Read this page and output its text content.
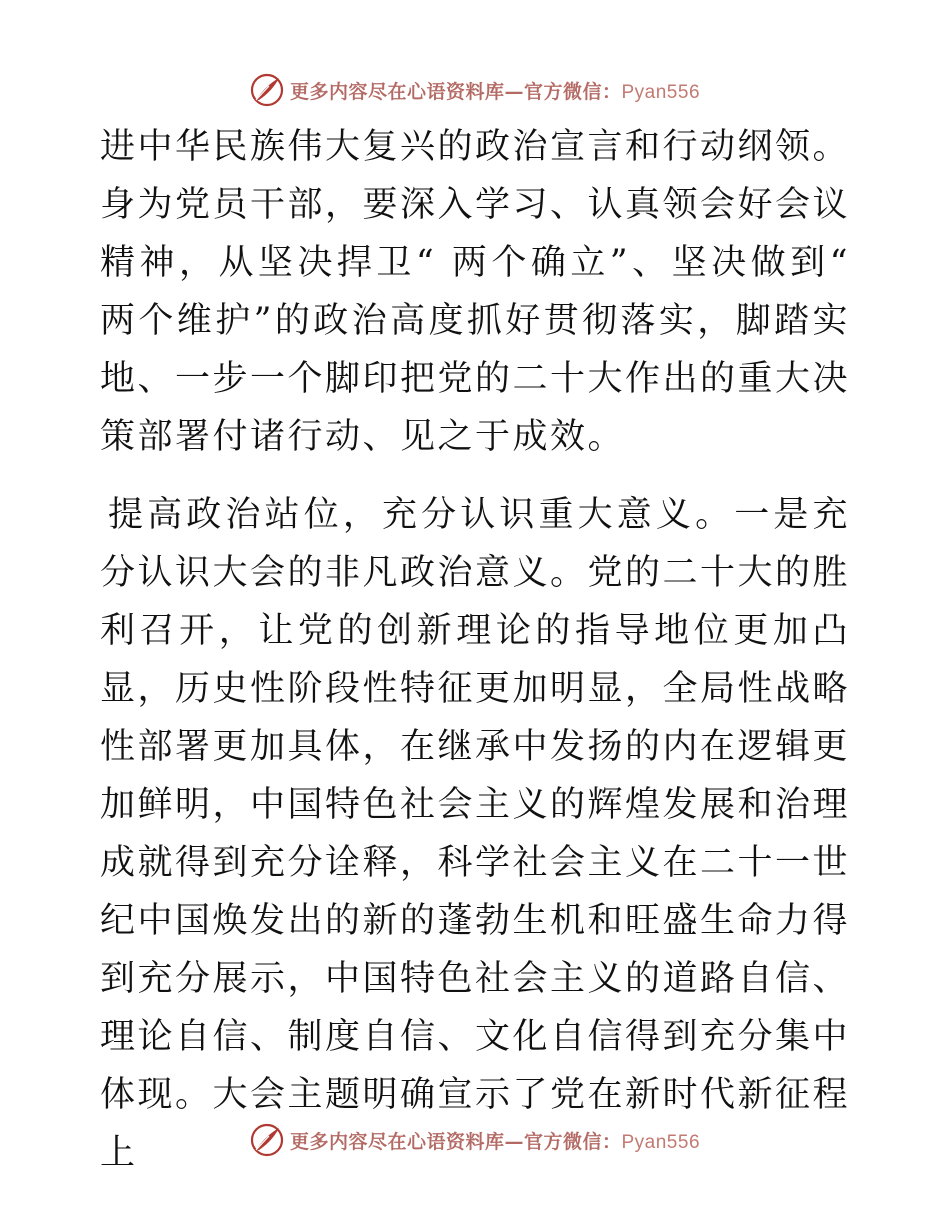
更多内容尽在心语资料库—官方微信：Pyan556

进中华民族伟大复兴的政治宣言和行动纲领。身为党员干部，要深入学习、认真领会好会议精神，从坚决捍卫“ 两个确立”、坚决做到“ 两个维护”的政治高度抓好贯彻落实，脚踏实地、一步一个脚印把党的二十大作出的重大决策部署付诸行动、见之于成效。

提高政治站位，充分认识重大意义。一是充分认识大会的非凡政治意义。党的二十大的胜利召开，让党的创新理论的指导地位更加凸显，历史性阶段性特征更加明显，全局性战略性部署更加具体，在继承中发扬的内在逻辑更加鲜明，中国特色社会主义的辉煌发展和治理成就得到充分诠释，科学社会主义在二十一世纪中国焕发出的新的蓬勃生机和旺盛生命力得到充分展示，中国特色社会主义的道路自信、理论自信、制度自信、文化自信得到充分集中体现。大会主题明确宣示了党在新时代新征程上	更多内容尽在心语资料库—官方微信：Pyan556
